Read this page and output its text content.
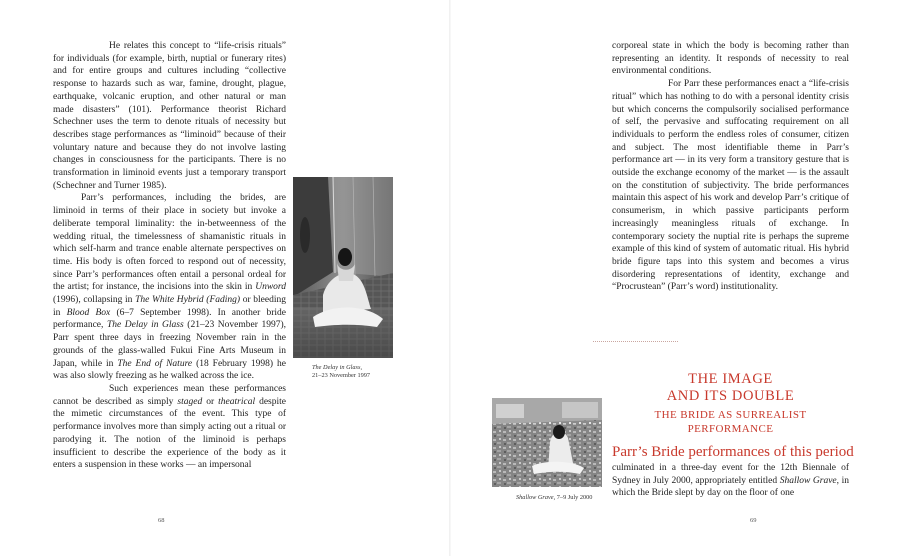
He relates this concept to “life-crisis rituals” for individuals (for example, birth, nuptial or funerary rites) and for entire groups and cultures including “collective response to hazards such as war, famine, drought, plague, earthquake, volcanic eruption, and other natural or man made disasters” (101). Performance theorist Richard Schechner uses the term to denote rituals of necessity but describes stage performances as “liminoid” because of their voluntary nature and because they do not involve lasting changes in consciousness for the participants. There is no transformation in liminoid events just a temporary transport (Schechner and Turner 1985).

Parr’s performances, including the brides, are liminoid in terms of their place in society but invoke a deliberate temporal liminality: the in-betweenness of the wedding ritual, the timelessness of shamanistic rituals in which self-harm and trance enable alternate perspectives on time. His body is often forced to respond out of necessity, since Parr’s performances often entail a personal ordeal for the artist; for instance, the incisions into the skin in Unword (1996), collapsing in The White Hybrid (Fading) or bleeding in Blood Box (6–7 September 1998). In another bride performance, The Delay in Glass (21–23 November 1997), Parr spent three days in freezing November rain in the grounds of the glass-walled Fukui Fine Arts Museum in Japan, while in The End of Nature (18 February 1998) he was also slowly freezing as he walked across the ice.

Such experiences mean these performances cannot be described as simply staged or theatrical despite the mimetic circumstances of the event. This type of performance involves more than simply acting out a ritual or parodying it. The notion of the liminoid is perhaps insufficient to describe the experience of the body as it enters a suspension in these works — an impersonal

The Delay in Glass,
21–23 November 1997
68

corporeal state in which the body is becoming rather than representing an identity. It responds of necessity to real environmental conditions.

For Parr these performances enact a “life-crisis ritual” which has nothing to do with a personal identity crisis but which concerns the compulsorily socialised performance of self, the pervasive and suffocating requirement on all individuals to perform the endless roles of consumer, citizen and subject. The most identifiable theme in Parr’s performance art — in its very form a transitory gesture that is outside the exchange economy of the market — is the assault on the constitution of subjectivity. The bride performances maintain this aspect of his work and develop Parr’s critique of consumerism, in which passive participants perform increasingly meaningless rituals of exchange. In contemporary society the nuptial rite is perhaps the supreme example of this kind of system of automatic ritual. His hybrid bride figure taps into this system and becomes a virus disordering representations of identity, exchange and “Procrustean” (Parr’s word) institutionality.

THE IMAGE
AND ITS DOUBLE
THE BRIDE AS SURREALIST
PERFORMANCE
Parr’s Bride performances of this period

culminated in a three-day event for the 12th Biennale of Sydney in July 2000, appropriately entitled Shallow Grave, in which the Bride slept by day on the floor of one

Shallow Grave, 7–9 July 2000
69
